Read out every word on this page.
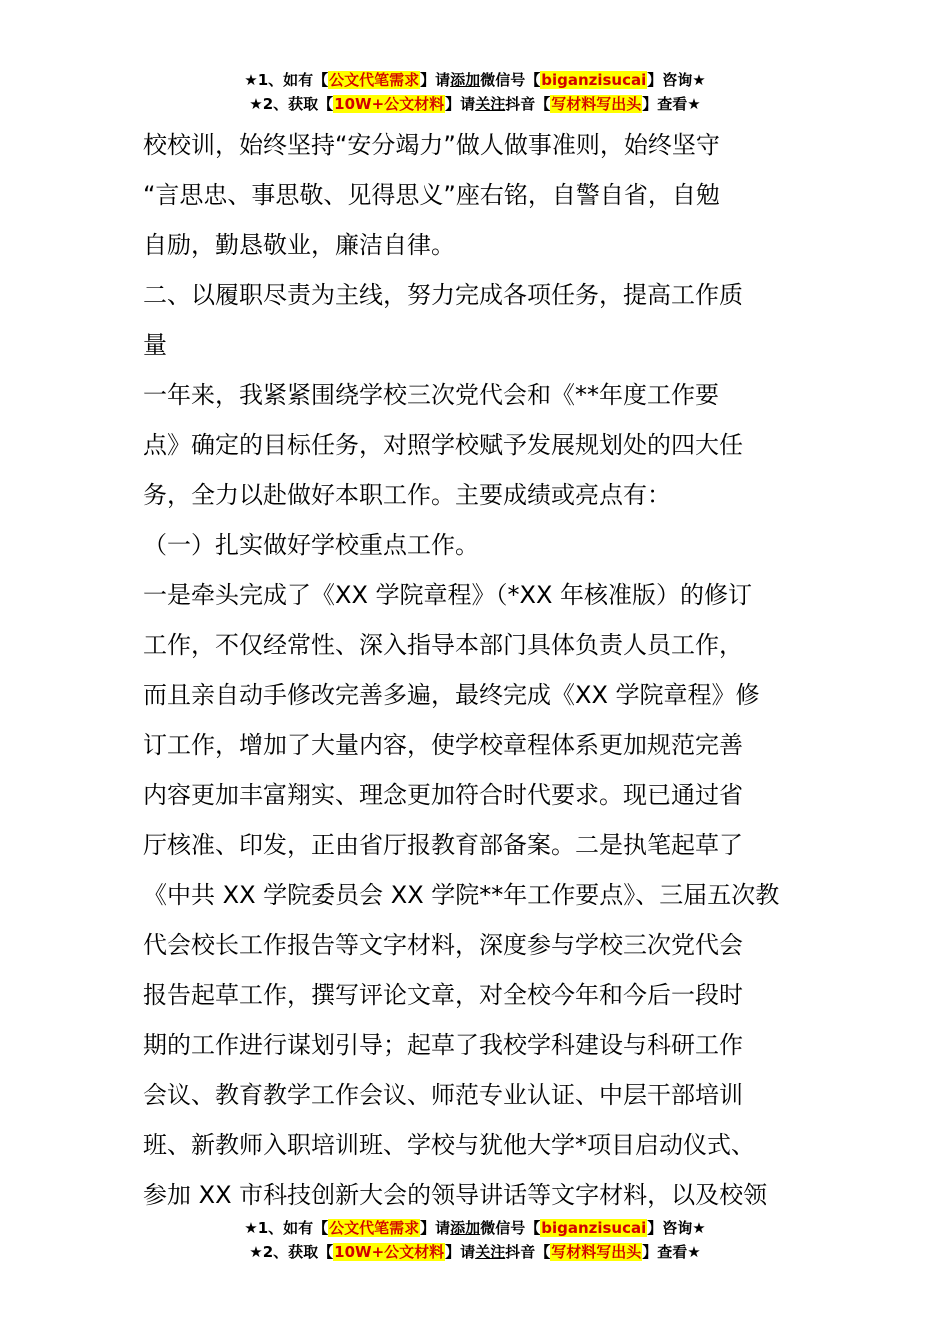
★1、如有【公文代笔需求】请添加微信号【biganzisucai】咨询★
★2、获取【10W+公文材料】请关注抖音【写材料写出头】查看★
校校训，始终坚持“安分竭力”做人做事准则，始终坚守
“言思忠、事思敬、见得思义”座右铭，自警自省，自勉
自励，勤恳敬业，廉洁自律。
二、以履职尽责为主线，努力完成各项任务，提高工作质
量
一年来，我紧紧围绕学校三次党代会和《**年度工作要
点》确定的目标任务，对照学校赋予发展规划处的四大任
务，全力以赴做好本职工作。主要成绩或亮点有：
（一）扎实做好学校重点工作。
一是牵头完成了《XX 学院章程》（*XX 年核准版）的修订
工作，不仅经常性、深入指导本部门具体负责人员工作，
而且亲自动手修改完善多遍，最终完成《XX 学院章程》修
订工作，增加了大量内容，使学校章程体系更加规范完善
内容更加丰富翔实、理念更加符合时代要求。现已通过省
厅核准、印发，正由省厅报教育部备案。二是执笔起草了
《中共 XX 学院委员会 XX 学院**年工作要点》、三届五次教
代会校长工作报告等文字材料，深度参与学校三次党代会
报告起草工作，撰写评论文章，对全校今年和今后一段时
期的工作进行谋划引导；起草了我校学科建设与科研工作
会议、教育教学工作会议、师范专业认证、中层干部培训
班、新教师入职培训班、学校与犹他大学*项目启动仪式、
参加 XX 市科技创新大会的领导讲话等文字材料，以及校领
★1、如有【公文代笔需求】请添加微信号【biganzisucai】咨询★
★2、获取【10W+公文材料】请关注抖音【写材料写出头】查看★
